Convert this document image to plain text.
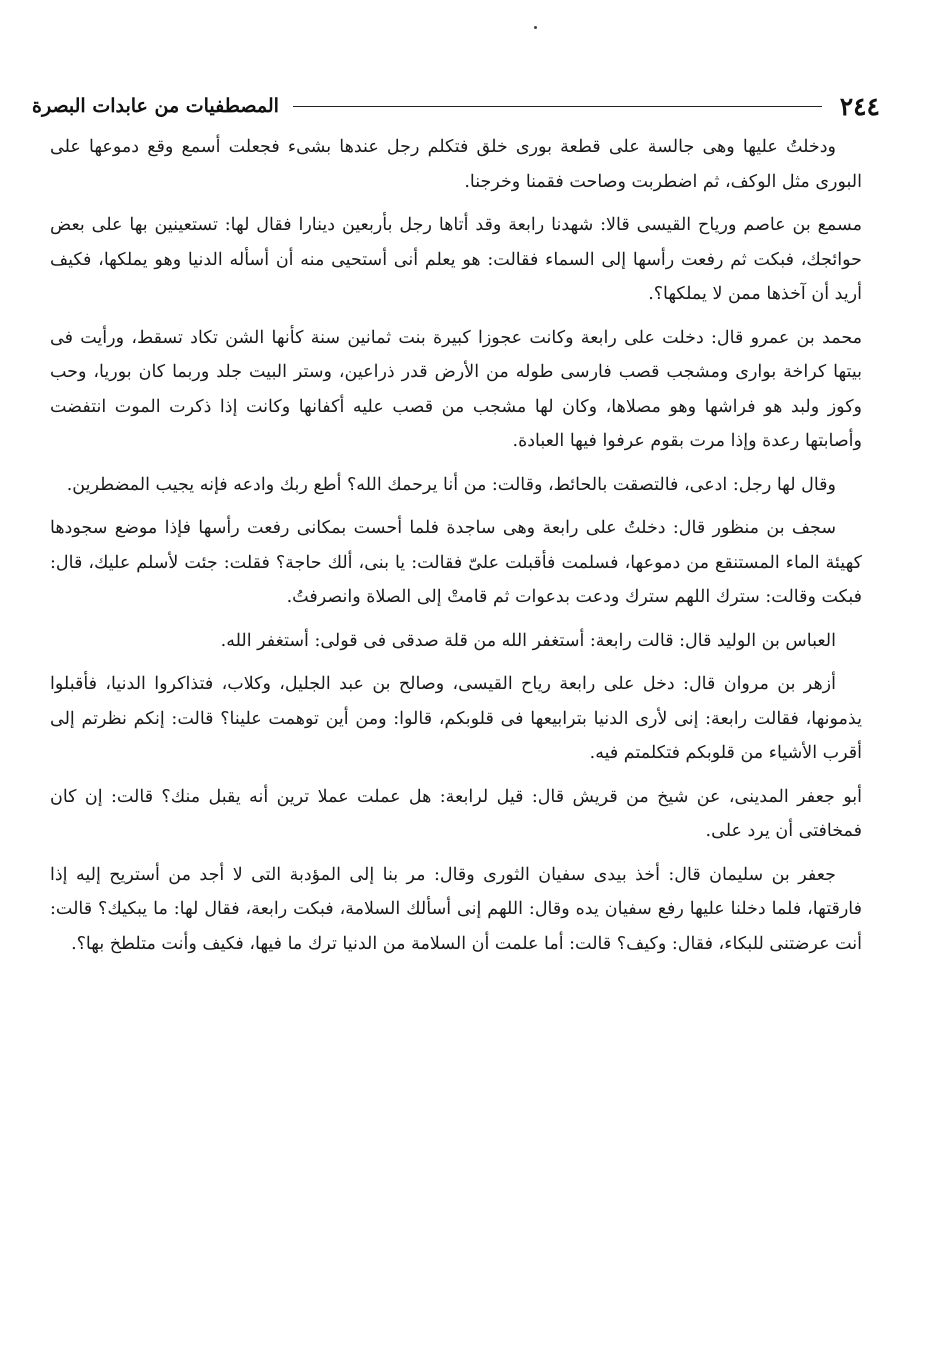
٢٤٤
المصطفيات من عابدات البصرة

ودخلتُ عليها وهى جالسة على قطعة بورى خلق فتكلم رجل عندها بشىء فجعلت أسمع وقع دموعها على البورى مثل الوكف، ثم اضطربت وصاحت فقمنا وخرجنا.

مسمع بن عاصم ورياح القيسى قالا: شهدنا رابعة وقد أتاها رجل بأربعين دينارا فقال لها: تستعينين بها على بعض حوائجك، فبكت ثم رفعت رأسها إلى السماء فقالت: هو يعلم أنى أستحيى منه أن أسأله الدنيا وهو يملكها، فكيف أريد أن آخذها ممن لا يملكها؟.

محمد بن عمرو قال: دخلت على رابعة وكانت عجوزا كبيرة بنت ثمانين سنة كأنها الشن تكاد تسقط، ورأيت فى بيتها كراخة بوارى ومشجب قصب فارسى طوله من الأرض قدر ذراعين، وستر البيت جلد وربما كان بوريا، وحب وكوز ولبد هو فراشها وهو مصلاها، وكان لها مشجب من قصب عليه أكفانها وكانت إذا ذكرت الموت انتفضت وأصابتها رعدة وإذا مرت بقوم عرفوا فيها العبادة.

وقال لها رجل: ادعى، فالتصقت بالحائط، وقالت: من أنا يرحمك الله؟ أطع ربك وادعه فإنه يجيب المضطرين.

سجف بن منظور قال: دخلتُ على رابعة وهى ساجدة فلما أحست بمكانى رفعت رأسها فإذا موضع سجودها كهيئة الماء المستنقع من دموعها، فسلمت فأقبلت علىّ فقالت: يا بنى، ألك حاجة؟ فقلت: جئت لأسلم عليك، قال: فبكت وقالت: سترك اللهم سترك ودعت بدعوات ثم قامتْ إلى الصلاة وانصرفتُ.

العباس بن الوليد قال: قالت رابعة: أستغفر الله من قلة صدقى فى قولى: أستغفر الله.

أزهر بن مروان قال: دخل على رابعة رياح القيسى، وصالح بن عبد الجليل، وكلاب، فتذاكروا الدنيا، فأقبلوا يذمونها، فقالت رابعة: إنى لأرى الدنيا بترابيعها فى قلوبكم، قالوا: ومن أين توهمت علينا؟ قالت: إنكم نظرتم إلى أقرب الأشياء من قلوبكم فتكلمتم فيه.

أبو جعفر المدينى، عن شيخ من قريش قال: قيل لرابعة: هل عملت عملا ترين أنه يقبل منك؟ قالت: إن كان فمخافتى أن يرد على.

جعفر بن سليمان قال: أخذ بيدى سفيان الثورى وقال: مر بنا إلى المؤدبة التى لا أجد من أستريح إليه إذا فارقتها، فلما دخلنا عليها رفع سفيان يده وقال: اللهم إنى أسألك السلامة، فبكت رابعة، فقال لها: ما يبكيك؟ قالت: أنت عرضتنى للبكاء، فقال: وكيف؟ قالت: أما علمت أن السلامة من الدنيا ترك ما فيها، فكيف وأنت متلطخ بها؟.
